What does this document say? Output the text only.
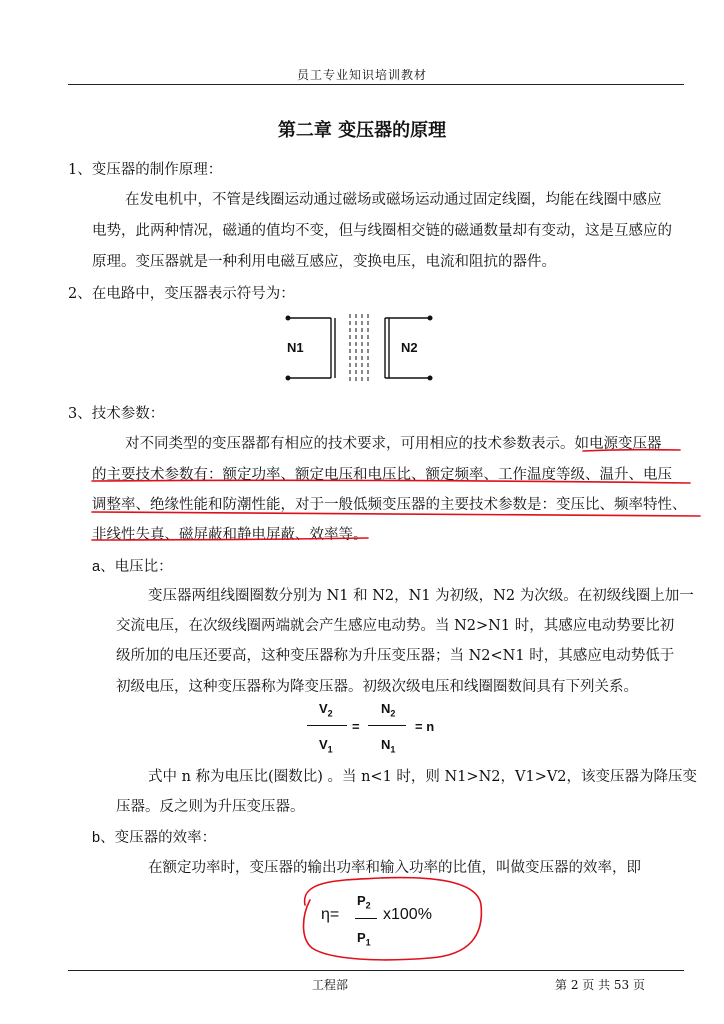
员工专业知识培训教材
第二章 变压器的原理
1、变压器的制作原理：
在发电机中，不管是线圈运动通过磁场或磁场运动通过固定线圈，均能在线圈中感应
电势，此两种情况，磁通的值均不变，但与线圈相交链的磁通数量却有变动，这是互感应的
原理。变压器就是一种利用电磁互感应，变换电压，电流和阻抗的器件。
2、在电路中，变压器表示符号为：
N1	N2
3、技术参数：
对不同类型的变压器都有相应的技术要求，可用相应的技术参数表示。如电源变压器
的主要技术参数有：额定功率、额定电压和电压比、额定频率、工作温度等级、温升、电压
调整率、绝缘性能和防潮性能，对于一般低频变压器的主要技术参数是：变压比、频率特性、
非线性失真、磁屏蔽和静电屏蔽、效率等。
a、电压比：
变压器两组线圈圈数分别为 N1 和 N2，N1 为初级，N2 为次级。在初级线圈上加一
交流电压，在次级线圈两端就会产生感应电动势。当 N2>N1 时，其感应电动势要比初
级所加的电压还要高，这种变压器称为升压变压器；当 N2<N1 时，其感应电动势低于
初级电压，这种变压器称为降变压器。初级次级电压和线圈圈数间具有下列关系。
$V_2$
$V_1$
=
$N_2$
$N_1$
= n
式中 n 称为电压比(圈数比) 。当 n<1 时，则 N1>N2，V1>V2，该变压器为降压变
压器。反之则为升压变压器。
b、变压器的效率：
在额定功率时，变压器的输出功率和输入功率的比值，叫做变压器的效率，即
η=
$P_2$
$P_1$
x100%
工程部	第 2 页 共 53 页
